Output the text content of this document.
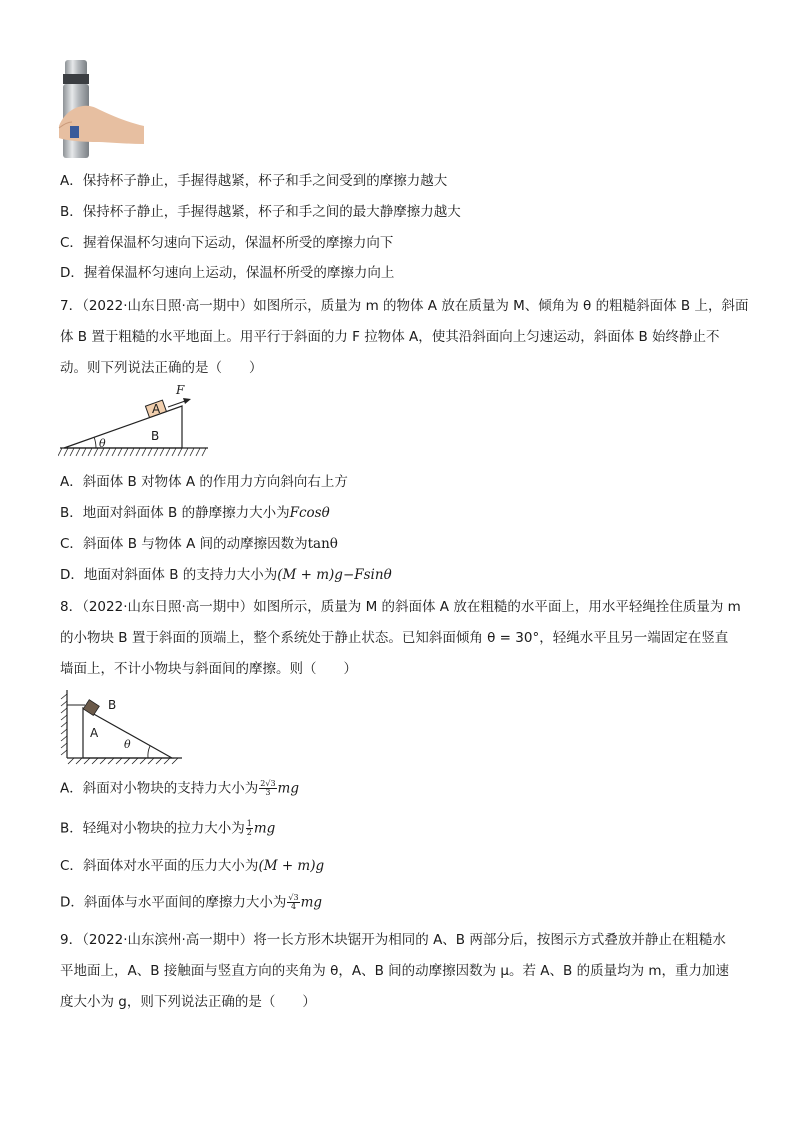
A．保持杯子静止，手握得越紧，杯子和手之间受到的摩擦力越大
B．保持杯子静止，手握得越紧，杯子和手之间的最大静摩擦力越大
C．握着保温杯匀速向下运动，保温杯所受的摩擦力向下
D．握着保温杯匀速向上运动，保温杯所受的摩擦力向上
7．（2022·山东日照·高一期中）如图所示，质量为 m 的物体 A 放在质量为 M、倾角为 θ 的粗糙斜面体 B 上，斜面
体 B 置于粗糙的水平地面上。用平行于斜面的力 F 拉物体 A，使其沿斜面向上匀速运动，斜面体 B 始终静止不
动。则下列说法正确的是（　　）
F
A
B
θ
A．斜面体 B 对物体 A 的作用力方向斜向右上方
B．地面对斜面体 B 的静摩擦力大小为Fcosθ
C．斜面体 B 与物体 A 间的动摩擦因数为tanθ
D．地面对斜面体 B 的支持力大小为(M + m)g−Fsinθ
8．（2022·山东日照·高一期中）如图所示，质量为 M 的斜面体 A 放在粗糙的水平面上，用水平轻绳拴住质量为 m
的小物块 B 置于斜面的顶端上，整个系统处于静止状态。已知斜面倾角 θ = 30°，轻绳水平且另一端固定在竖直
墙面上，不计小物块与斜面间的摩擦。则（　　）
B
A
θ
A．斜面对小物块的支持力大小为 $\frac{2√3}{3}$ mg
B．轻绳对小物块的拉力大小为 $\frac{1}{2}$ mg
C．斜面体对水平面的压力大小为(M + m)g
D．斜面体与水平面间的摩擦力大小为 $\frac{√3}{4}$ mg
9．（2022·山东滨州·高一期中）将一长方形木块锯开为相同的 A、B 两部分后，按图示方式叠放并静止在粗糙水
平地面上，A、B 接触面与竖直方向的夹角为 θ，A、B 间的动摩擦因数为 μ。若 A、B 的质量均为 m，重力加速
度大小为 g，则下列说法正确的是（　　）
